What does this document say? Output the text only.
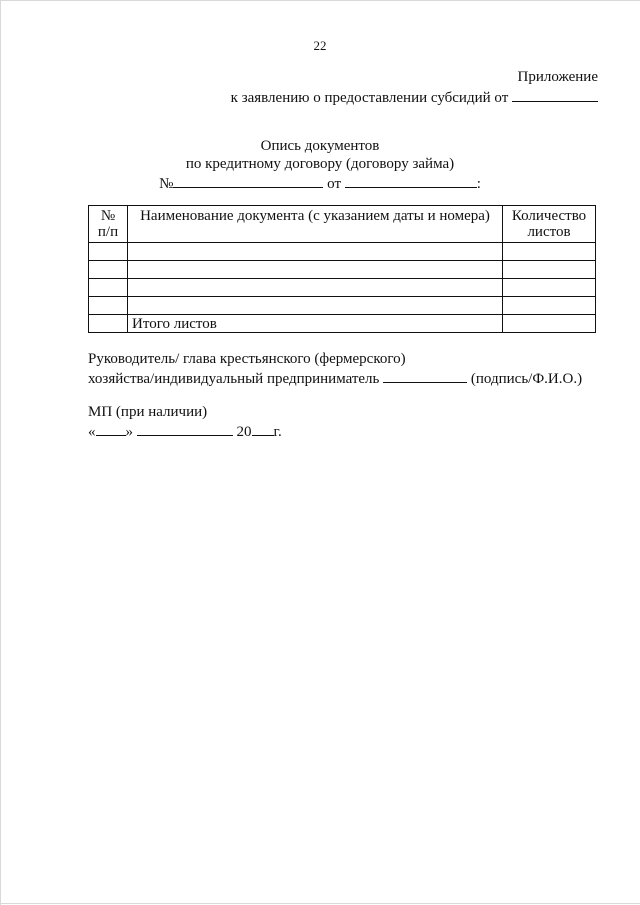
22
Приложение
к заявлению о предоставлении субсидий от
Опись документов
по кредитному договору (договору займа)
№	от	:
№ п/п	Наименование документа (с указанием даты и номера)	Количество листов

	Итого листов	
Руководитель/ глава крестьянского (фермерского)
хозяйства/индивидуальный предприниматель	(подпись/Ф.И.О.)
МП (при наличии)
« »	20 г.
